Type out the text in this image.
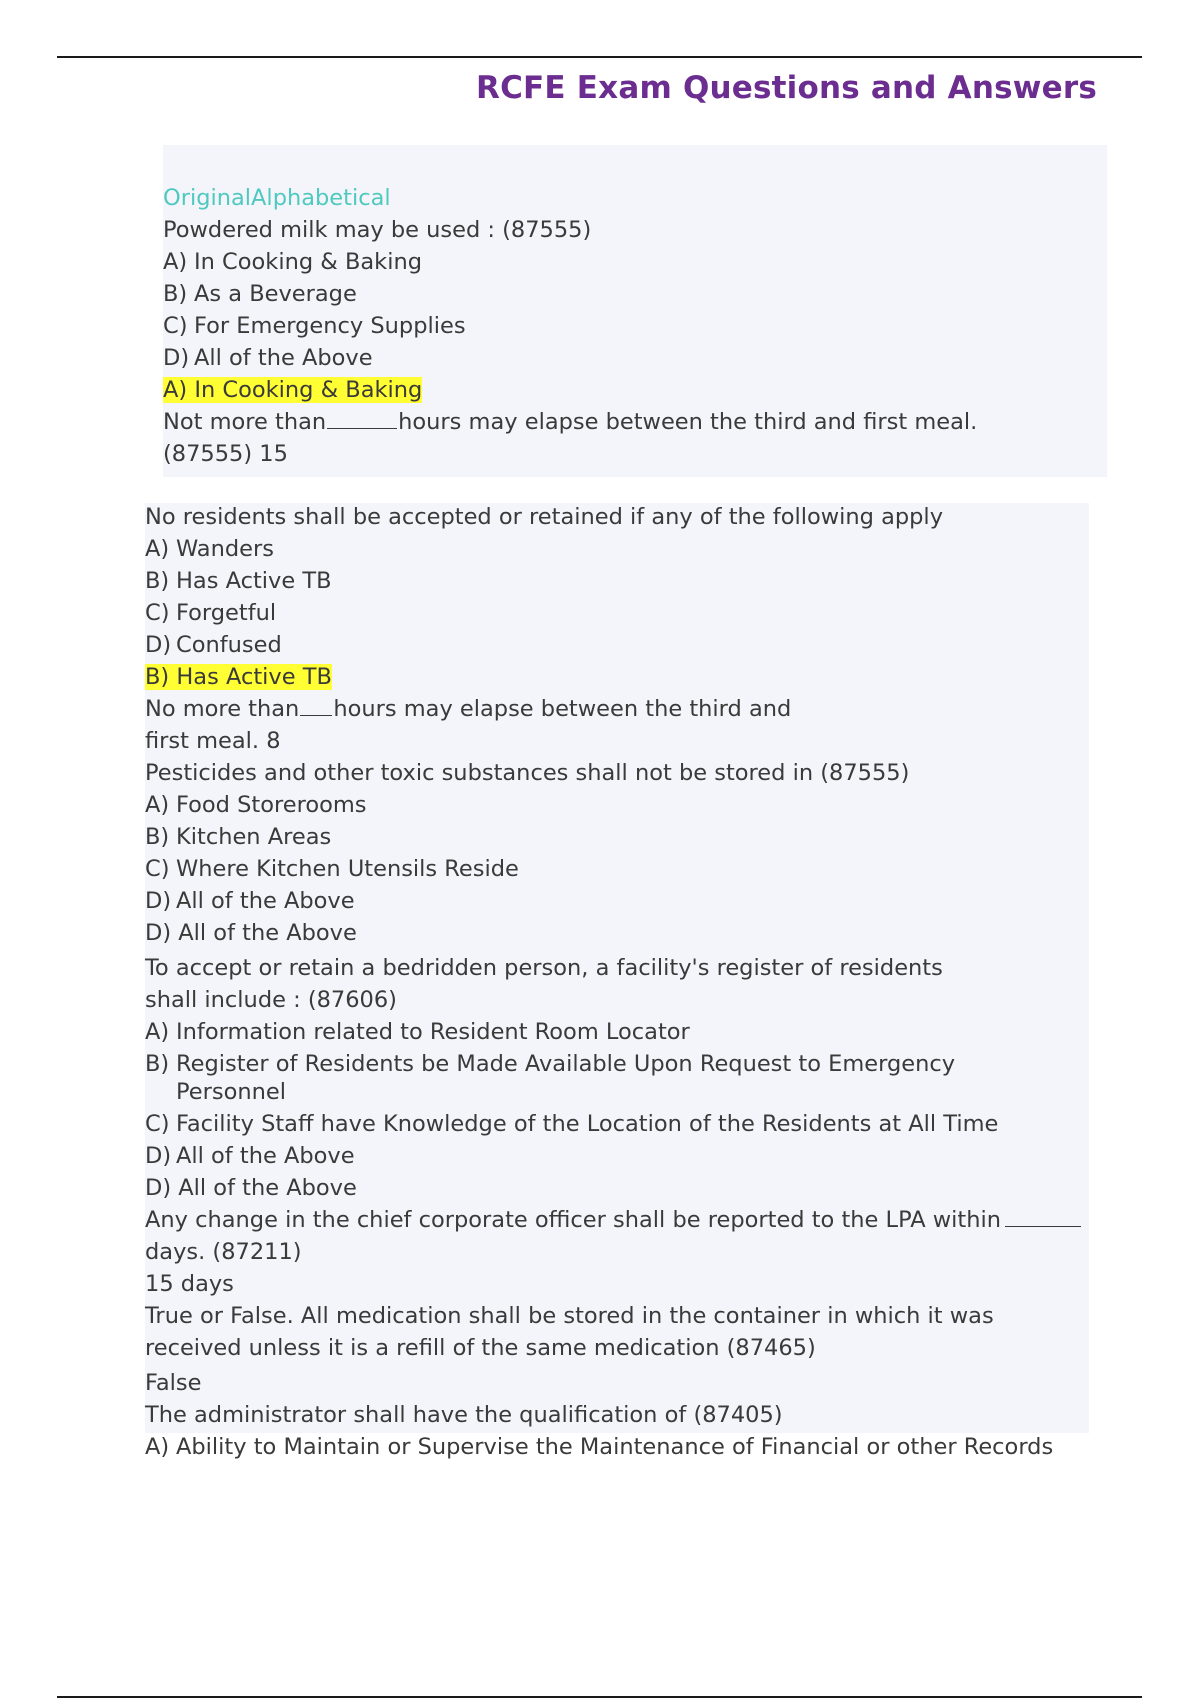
RCFE Exam Questions and Answers
OriginalAlphabetical
Powdered milk may be used : (87555)
A) In Cooking & Baking
B) As a Beverage
C) For Emergency Supplies
D) All of the Above
A) In Cooking & Baking
Not more than	hours may elapse between the third and first meal.
(87555) 15
No residents shall be accepted or retained if any of the following apply
A) Wanders
B) Has Active TB
C) Forgetful
D) Confused
B) Has Active TB
No more than hours may elapse between the third and
first meal. 8
Pesticides and other toxic substances shall not be stored in (87555)
A) Food Storerooms
B) Kitchen Areas
C) Where Kitchen Utensils Reside
D) All of the Above
D) All of the Above
To accept or retain a bedridden person, a facility's register of residents
shall include : (87606)
A) Information related to Resident Room Locator
B) Register of Residents be Made Available Upon Request to Emergency Personnel
C) Facility Staff have Knowledge of the Location of the Residents at All Time
D) All of the Above
D) All of the Above
Any change in the chief corporate officer shall be reported to the LPA within
days. (87211)
15 days
True or False. All medication shall be stored in the container in which it was
received unless it is a refill of the same medication (87465)
False
The administrator shall have the qualification of (87405)
A) Ability to Maintain or Supervise the Maintenance of Financial or other Records
